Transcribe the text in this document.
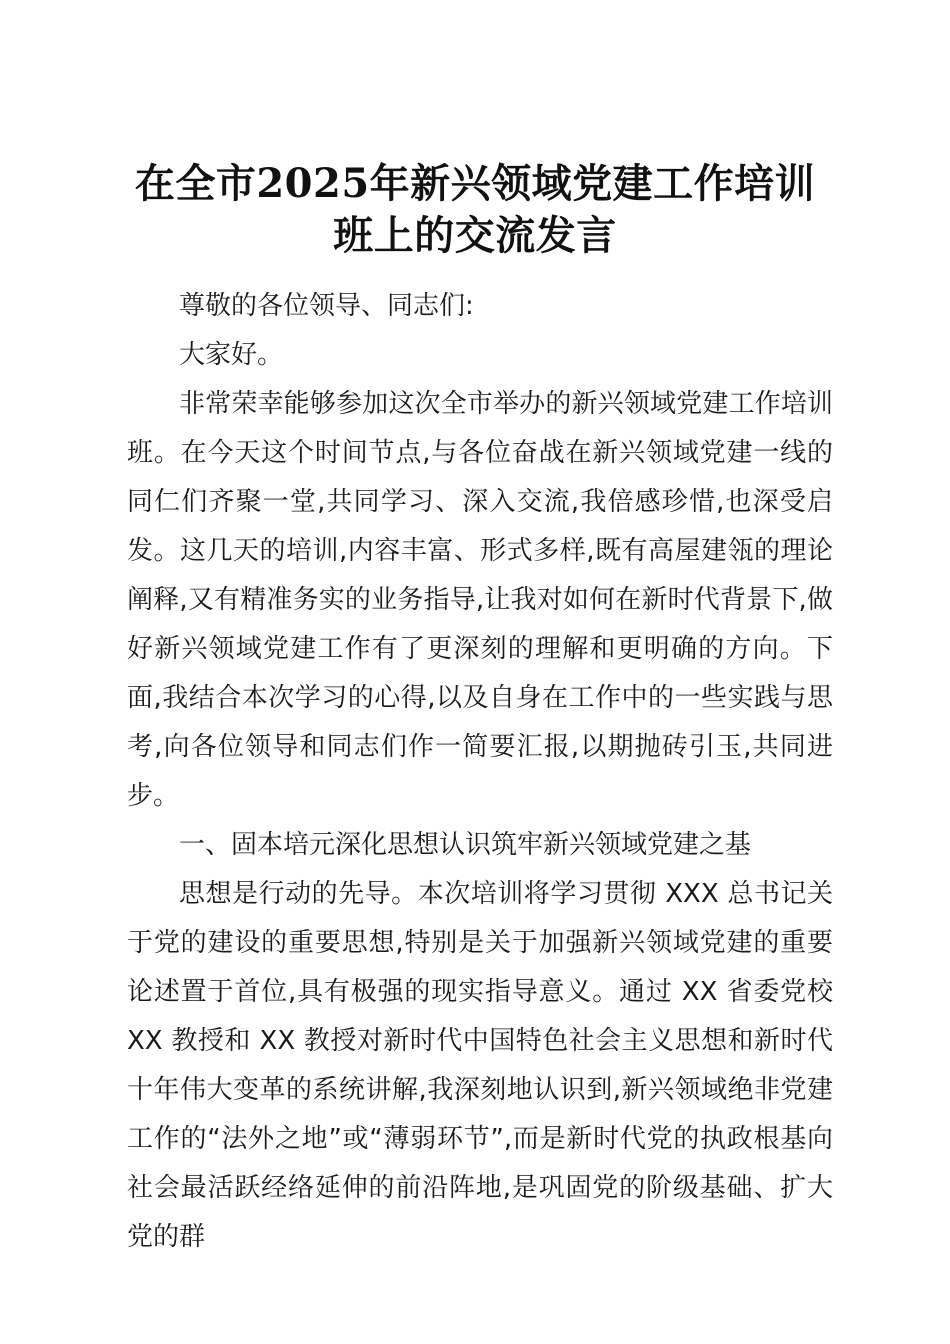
在全市2025年新兴领域党建工作培训
班上的交流发言

尊敬的各位领导、同志们:

大家好。

非常荣幸能够参加这次全市举办的新兴领域党建工作培训班。在今天这个时间节点,与各位奋战在新兴领域党建一线的同仁们齐聚一堂,共同学习、深入交流,我倍感珍惜,也深受启发。这几天的培训,内容丰富、形式多样,既有高屋建瓴的理论阐释,又有精准务实的业务指导,让我对如何在新时代背景下,做好新兴领域党建工作有了更深刻的理解和更明确的方向。下面,我结合本次学习的心得,以及自身在工作中的一些实践与思考,向各位领导和同志们作一简要汇报,以期抛砖引玉,共同进步。

一、固本培元深化思想认识筑牢新兴领域党建之基

思想是行动的先导。本次培训将学习贯彻 XXX 总书记关于党的建设的重要思想,特别是关于加强新兴领域党建的重要论述置于首位,具有极强的现实指导意义。通过 XX 省委党校 XX 教授和 XX 教授对新时代中国特色社会主义思想和新时代十年伟大变革的系统讲解,我深刻地认识到,新兴领域绝非党建工作的“法外之地”或“薄弱环节”,而是新时代党的执政根基向社会最活跃经络延伸的前沿阵地,是巩固党的阶级基础、扩大党的群
